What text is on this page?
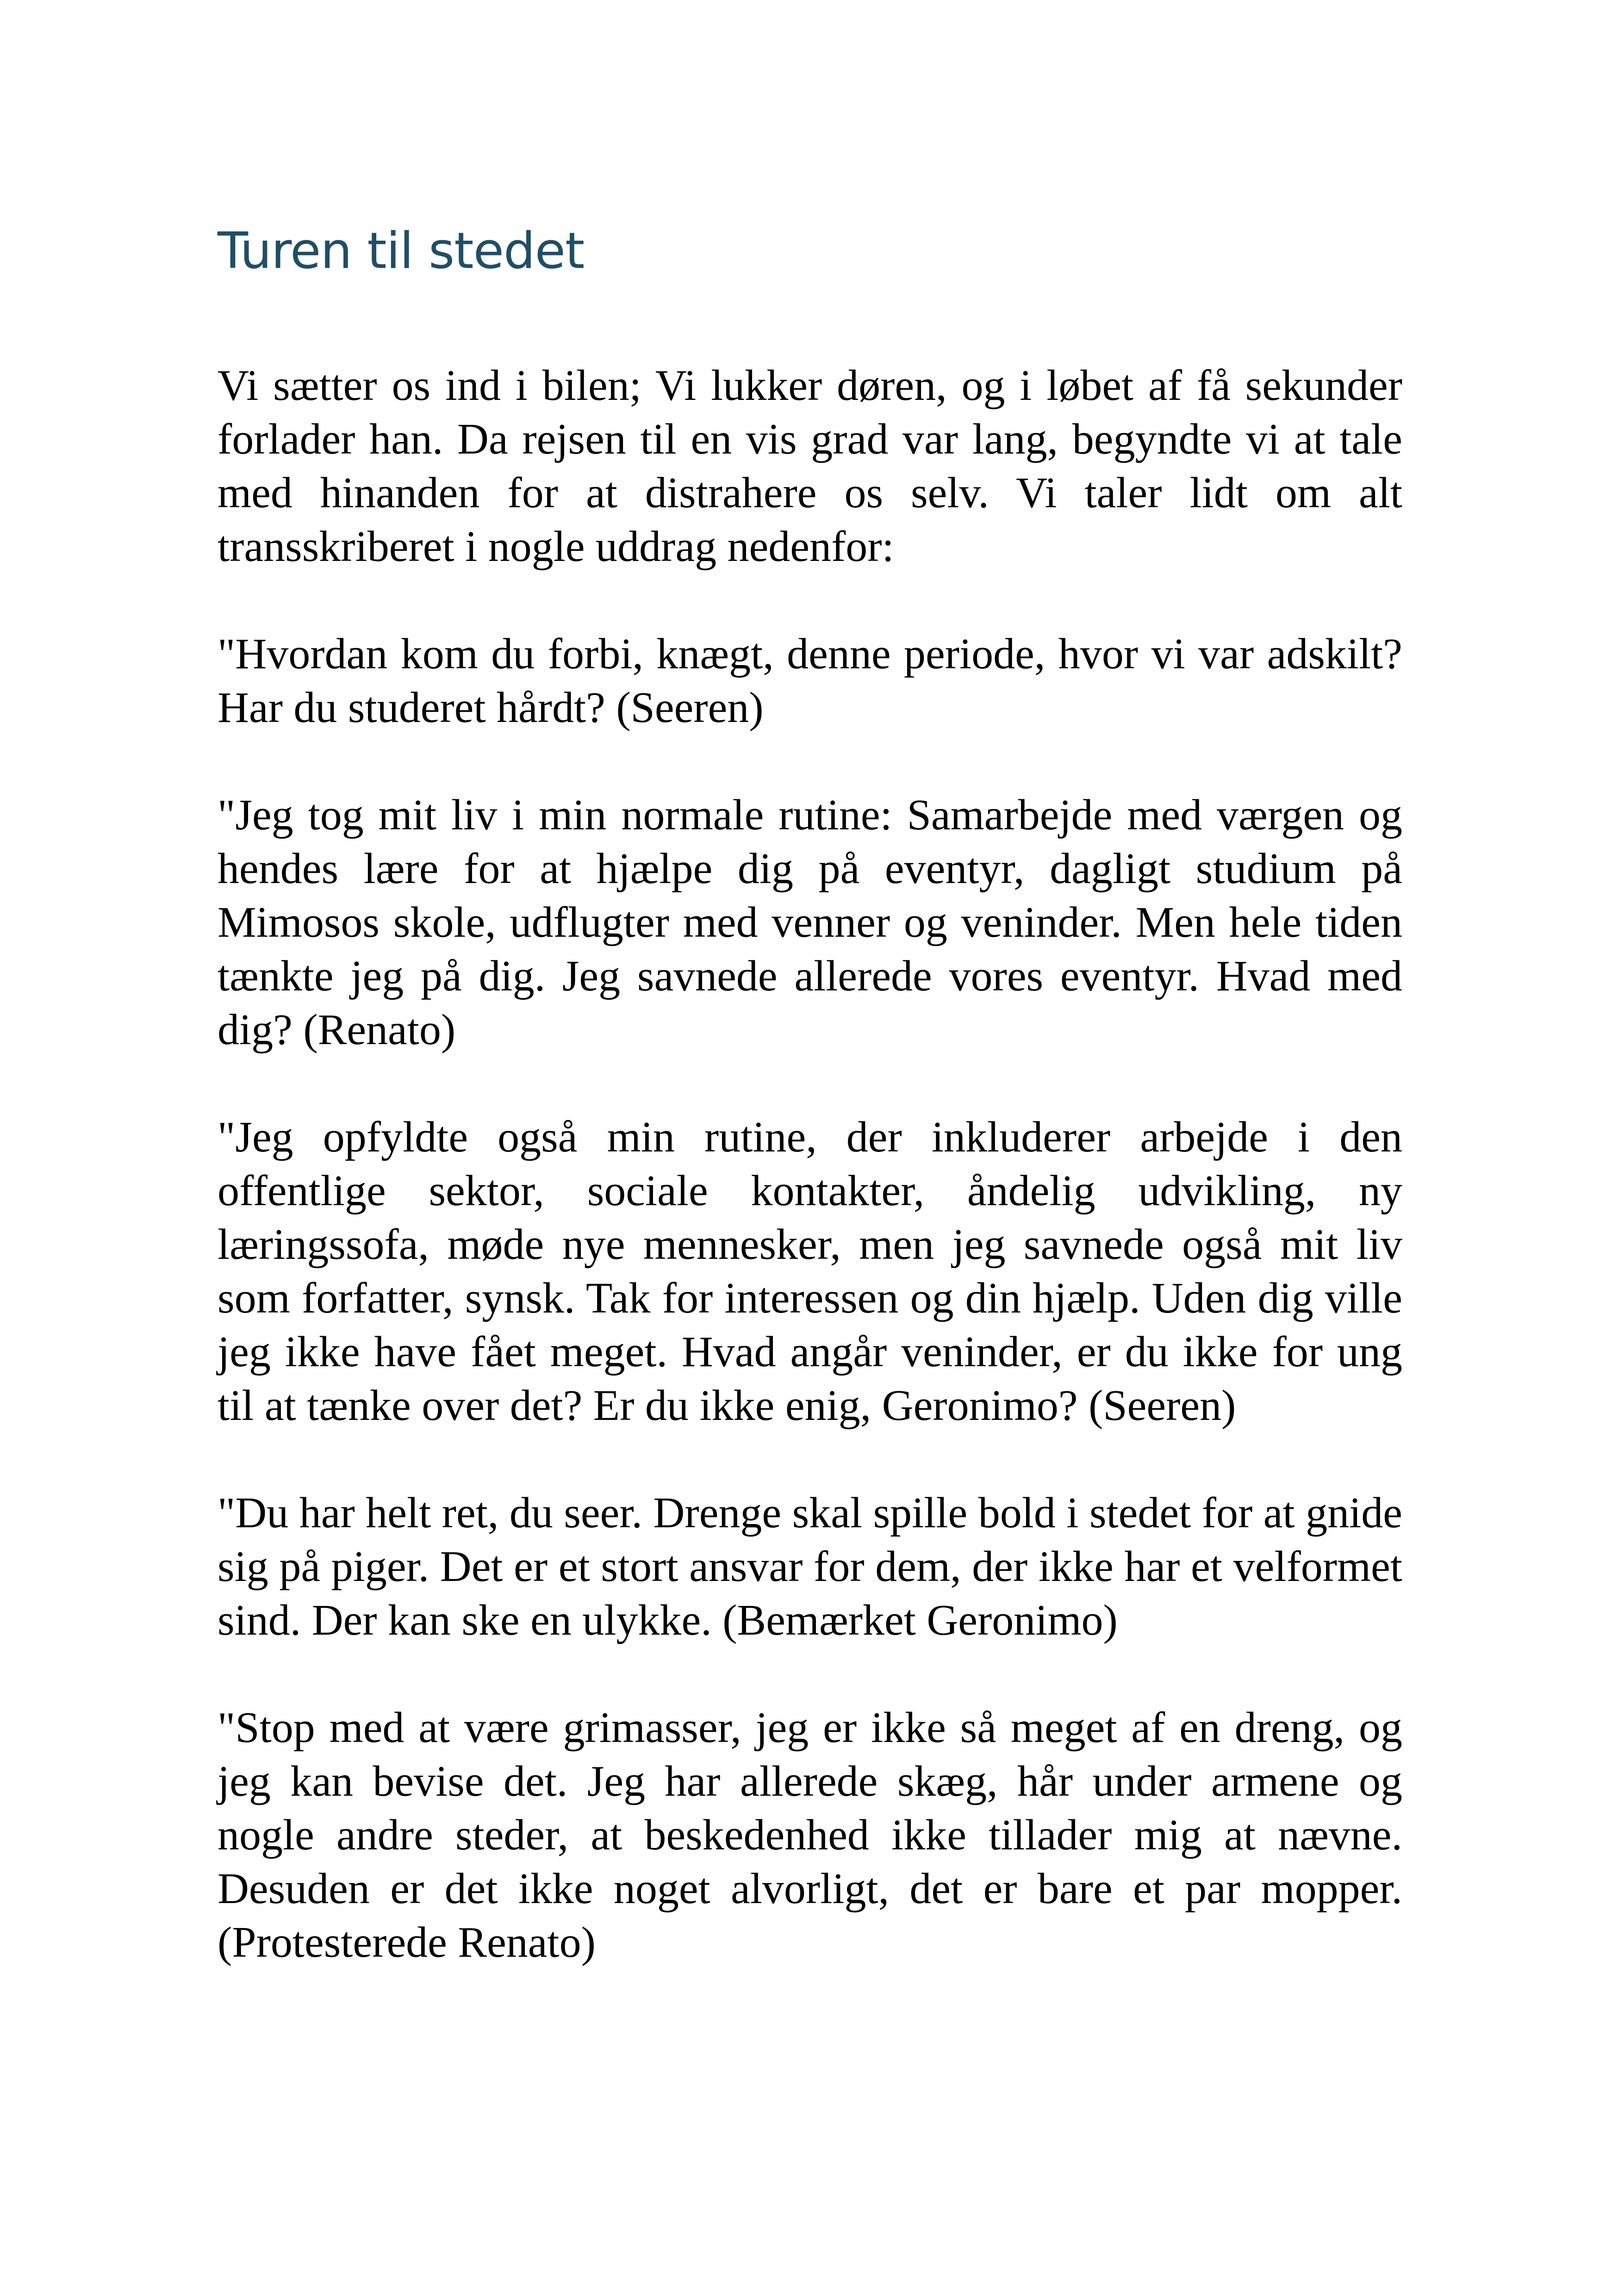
Turen til stedet

Vi sætter os ind i bilen; Vi lukker døren, og i løbet af få sekunder forlader han. Da rejsen til en vis grad var lang, begyndte vi at tale med hinanden for at distrahere os selv. Vi taler lidt om alt transskriberet i nogle uddrag nedenfor:

"Hvordan kom du forbi, knægt, denne periode, hvor vi var adskilt? Har du studeret hårdt? (Seeren)

"Jeg tog mit liv i min normale rutine: Samarbejde med værgen og hendes lære for at hjælpe dig på eventyr, dagligt studium på Mimosos skole, udflugter med venner og veninder. Men hele tiden tænkte jeg på dig. Jeg savnede allerede vores eventyr. Hvad med dig? (Renato)

"Jeg opfyldte også min rutine, der inkluderer arbejde i den offentlige sektor, sociale kontakter, åndelig udvikling, ny læringssofa, møde nye mennesker, men jeg savnede også mit liv som forfatter, synsk. Tak for interessen og din hjælp. Uden dig ville jeg ikke have fået meget. Hvad angår veninder, er du ikke for ung til at tænke over det? Er du ikke enig, Geronimo? (Seeren)

"Du har helt ret, du seer. Drenge skal spille bold i stedet for at gnide sig på piger. Det er et stort ansvar for dem, der ikke har et velformet sind. Der kan ske en ulykke. (Bemærket Geronimo)

"Stop med at være grimasser, jeg er ikke så meget af en dreng, og jeg kan bevise det. Jeg har allerede skæg, hår under armene og nogle andre steder, at beskedenhed ikke tillader mig at nævne. Desuden er det ikke noget alvorligt, det er bare et par mopper. (Protesterede Renato)
